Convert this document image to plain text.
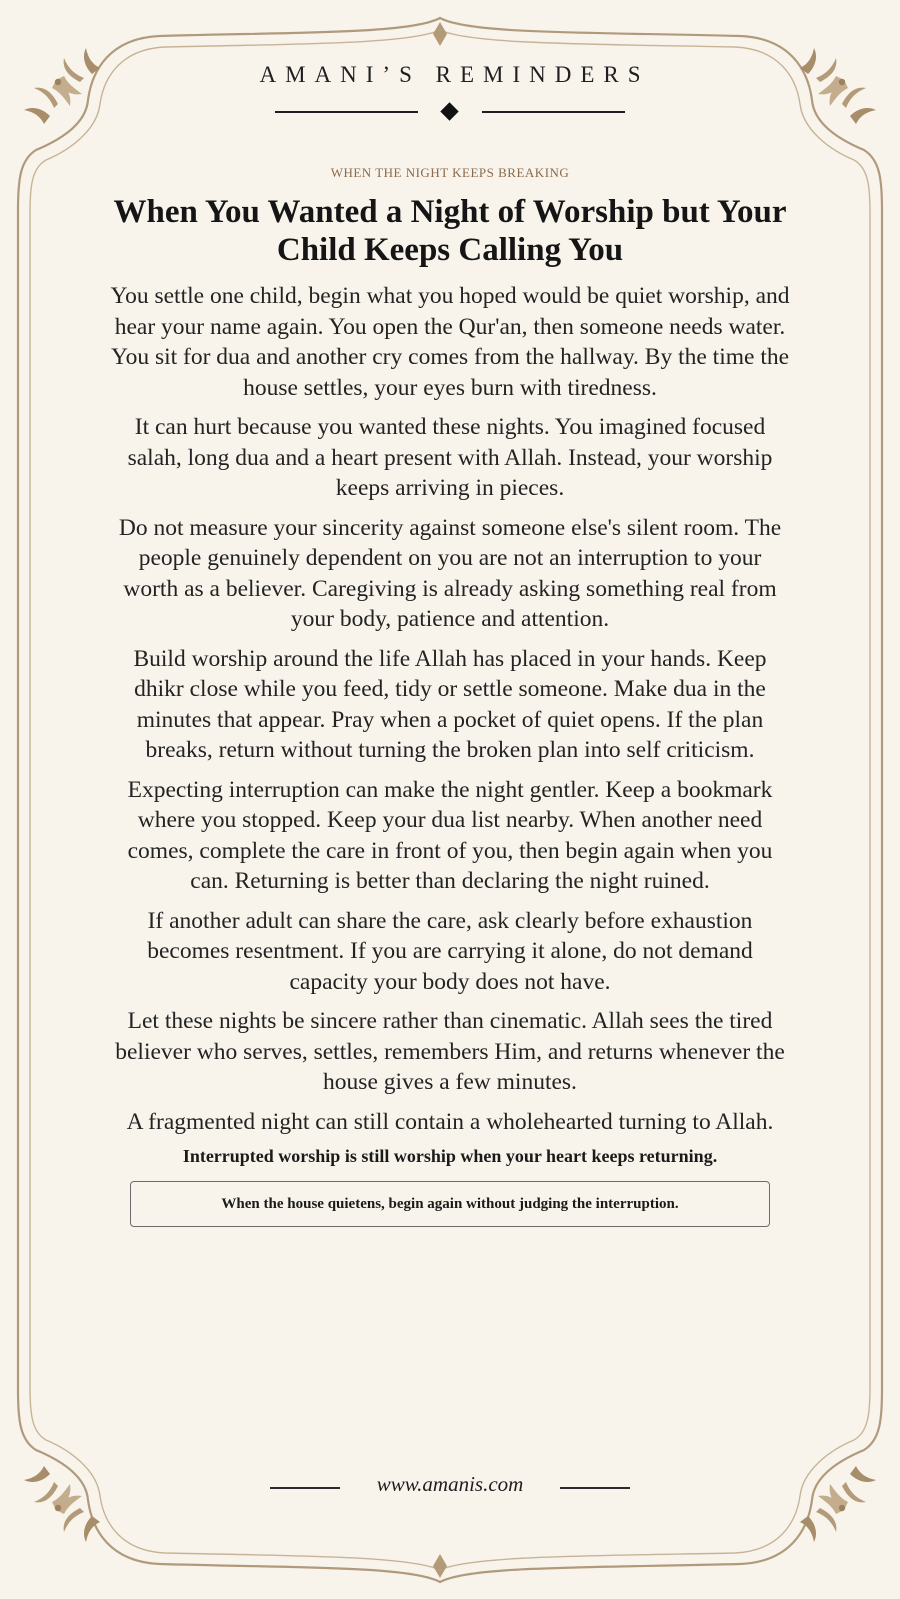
AMANI’S REMINDERS

WHEN THE NIGHT KEEPS BREAKING

When You Wanted a Night of Worship but Your Child Keeps Calling You

You settle one child, begin what you hoped would be quiet worship, and hear your name again. You open the Qur'an, then someone needs water. You sit for dua and another cry comes from the hallway. By the time the house settles, your eyes burn with tiredness.

It can hurt because you wanted these nights. You imagined focused salah, long dua and a heart present with Allah. Instead, your worship keeps arriving in pieces.

Do not measure your sincerity against someone else's silent room. The people genuinely dependent on you are not an interruption to your worth as a believer. Caregiving is already asking something real from your body, patience and attention.

Build worship around the life Allah has placed in your hands. Keep dhikr close while you feed, tidy or settle someone. Make dua in the minutes that appear. Pray when a pocket of quiet opens. If the plan breaks, return without turning the broken plan into self criticism.

Expecting interruption can make the night gentler. Keep a bookmark where you stopped. Keep your dua list nearby. When another need comes, complete the care in front of you, then begin again when you can. Returning is better than declaring the night ruined.

If another adult can share the care, ask clearly before exhaustion becomes resentment. If you are carrying it alone, do not demand capacity your body does not have.

Let these nights be sincere rather than cinematic. Allah sees the tired believer who serves, settles, remembers Him, and returns whenever the house gives a few minutes.

A fragmented night can still contain a wholehearted turning to Allah.

Interrupted worship is still worship when your heart keeps returning.

When the house quietens, begin again without judging the interruption.
www.amanis.com
